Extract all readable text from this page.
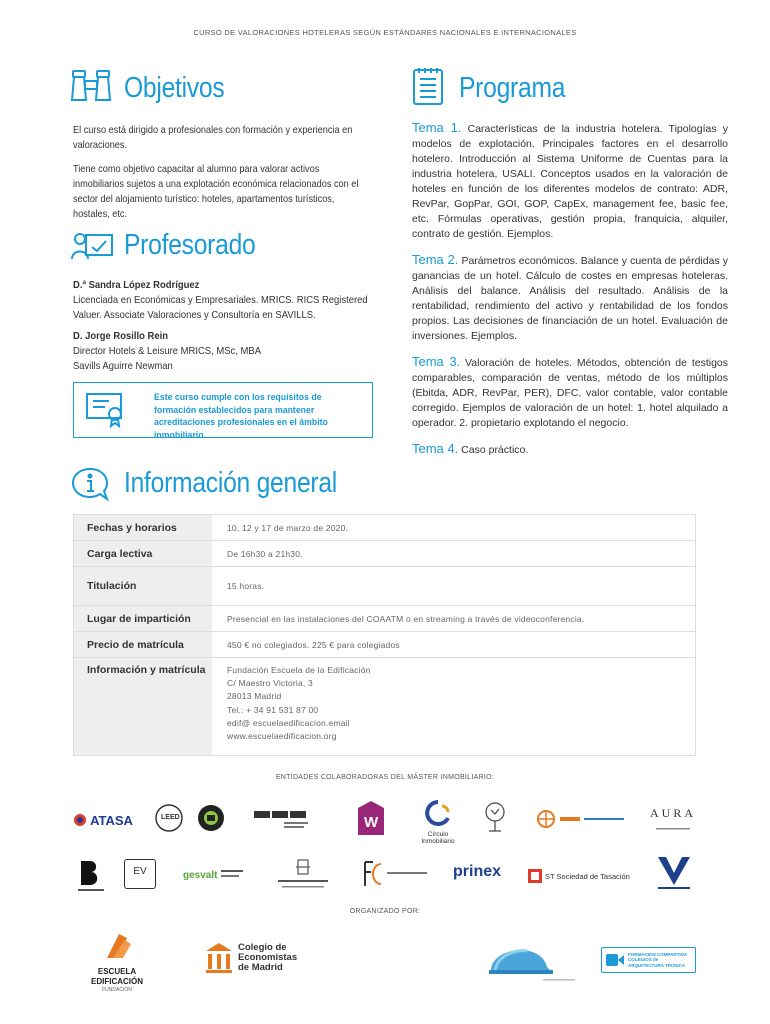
CURSO DE VALORACIONES HOTELERAS SEGÚN ESTÁNDARES NACIONALES E INTERNACIONALES
Objetivos

El curso está dirigido a profesionales con formación y experiencia en valoraciones.

Tiene como objetivo capacitar al alumno para valorar activos inmobiliarios sujetos a una explotación económica relacionados con el sector del alojamiento turístico: hoteles, apartamentos turísticos, hostales, etc.

Profesorado
D.ª Sandra López Rodríguez
Licenciada en Económicas y Empresariales. MRICS. RICS Registered
Valuer. Associate Valoraciones y Consultoría en SAVILLS.
D. Jorge Rosillo Rein
Director Hotels & Leisure MRICS, MSc, MBA
Savills Aguirre Newman
Este curso cumple con los requisitos de formación establecidos para mantener acreditaciones profesionales en el ámbito inmobiliario.
Programa
Tema 1. Características de la industria hotelera. Tipologías y modelos de explotación. Principales factores en el desarrollo hotelero. Introducción al Sistema Uniforme de Cuentas para la industria hotelera, USALI. Conceptos usados en la valoración de hoteles en función de los diferentes modelos de contrato: ADR, RevPar, GopPar, GOI, GOP, CapEx, management fee, basic fee, etc. Fórmulas operativas, gestión propia, franquicia, alquiler, contrato de gestión. Ejemplos.
Tema 2. Parámetros económicos. Balance y cuenta de pérdidas y ganancias de un hotel. Cálculo de costes en empresas hoteleras. Análisis del balance. Análisis del resultado. Análisis de la rentabilidad, rendimiento del activo y rentabilidad de los fondos propios. Las decisiones de financiación de un hotel. Evaluación de inversiones. Ejemplos.
Tema 3. Valoración de hoteles. Métodos, obtención de testigos comparables, comparación de ventas, método de los múltiplos (Ebitda, ADR, RevPar, PER), DFC, valor contable, valor contable corregido. Ejemplos de valoración de un hotel: 1. hotel alquilado a operador. 2. propietario explotando el negocio.
Tema 4. Caso práctico.
Información general
Fechas y horarios	10, 12 y 17 de marzo de 2020.
Carga lectiva	De 16h30 a 21h30.
Titulación	15 horas.
Lugar de impartición	Presencial en las instalaciones del COAATM o en streaming a través de videoconferencia.
Precio de matrícula	450 € no colegiados. 225 € para colegiados
Información y matrícula	Fundación Escuela de la Edificación
C/ Maestro Victoria, 3
28013 Madrid
Tel.: + 34 91 531 87 00
edif@ escuelaedificacion.email
www.escuelaedificacion.org
ENTIDADES COLABORADORAS DEL MÁSTER INMOBILIARIO:
ATASA	LEED	W
Círculo Inmobiliario
AURA
EV	gesvalt	prinex	ST Sociedad de Tasación
ORGANIZADO POR:
ESCUELA EDIFICACIÓN
FUNDACIÓN
Colegio de
Economistas
de Madrid
FORMACIÓN COMPARTIDA
COLEGIOS de
ARQUITECTURA TÉCNICA
